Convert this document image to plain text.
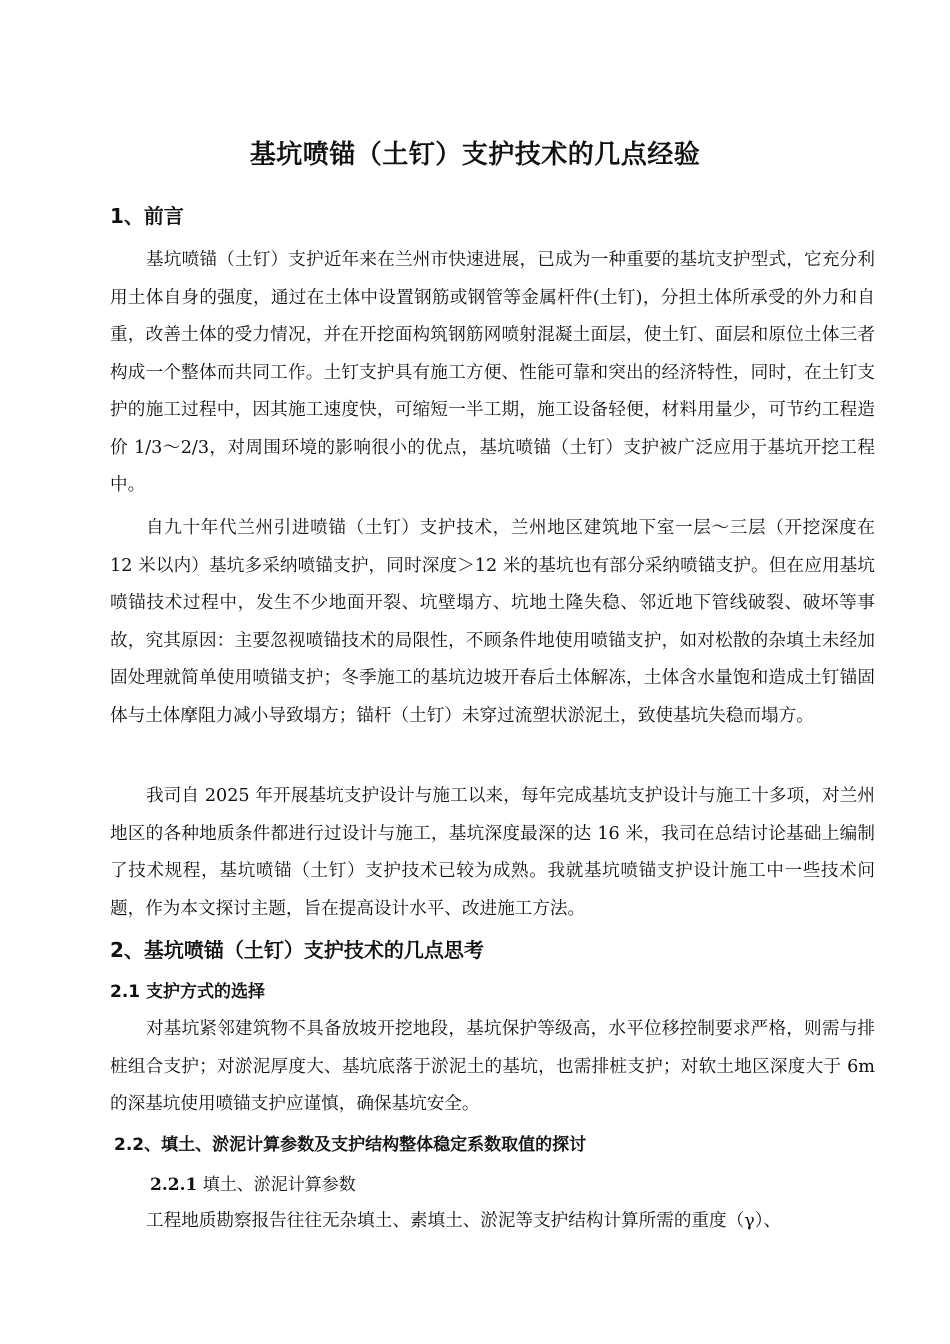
基坑喷锚（土钉）支护技术的几点经验
1、前言

基坑喷锚（土钉）支护近年来在兰州市快速进展，已成为一种重要的基坑支护型式，它充分利用土体自身的强度，通过在土体中设置钢筋或钢管等金属杆件(土钉)，分担土体所承受的外力和自重，改善土体的受力情况，并在开挖面构筑钢筋网喷射混凝土面层，使土钉、面层和原位土体三者构成一个整体而共同工作。土钉支护具有施工方便、性能可靠和突出的经济特性，同时，在土钉支护的施工过程中，因其施工速度快，可缩短一半工期，施工设备轻便，材料用量少，可节约工程造价 1/3～2/3，对周围环境的影响很小的优点，基坑喷锚（土钉）支护被广泛应用于基坑开挖工程中。

自九十年代兰州引进喷锚（土钉）支护技术，兰州地区建筑地下室一层～三层（开挖深度在 12 米以内）基坑多采纳喷锚支护，同时深度＞12 米的基坑也有部分采纳喷锚支护。但在应用基坑喷锚技术过程中，发生不少地面开裂、坑壁塌方、坑地土隆失稳、邻近地下管线破裂、破坏等事故，究其原因：主要忽视喷锚技术的局限性，不顾条件地使用喷锚支护，如对松散的杂填土未经加固处理就简单使用喷锚支护；冬季施工的基坑边坡开春后土体解冻，土体含水量饱和造成土钉锚固体与土体摩阻力减小导致塌方；锚杆（土钉）未穿过流塑状淤泥土，致使基坑失稳而塌方。

我司自 2025 年开展基坑支护设计与施工以来，每年完成基坑支护设计与施工十多项，对兰州地区的各种地质条件都进行过设计与施工，基坑深度最深的达 16 米，我司在总结讨论基础上编制了技术规程，基坑喷锚（土钉）支护技术已较为成熟。我就基坑喷锚支护设计施工中一些技术问题，作为本文探讨主题，旨在提高设计水平、改进施工方法。

2、基坑喷锚（土钉）支护技术的几点思考
2.1 支护方式的选择

对基坑紧邻建筑物不具备放坡开挖地段，基坑保护等级高，水平位移控制要求严格，则需与排桩组合支护；对淤泥厚度大、基坑底落于淤泥土的基坑，也需排桩支护；对软土地区深度大于 6m 的深基坑使用喷锚支护应谨慎，确保基坑安全。

2.2、填土、淤泥计算参数及支护结构整体稳定系数取值的探讨
2.2.1 填土、淤泥计算参数

工程地质勘察报告往往无杂填土、素填土、淤泥等支护结构计算所需的重度（γ）、
